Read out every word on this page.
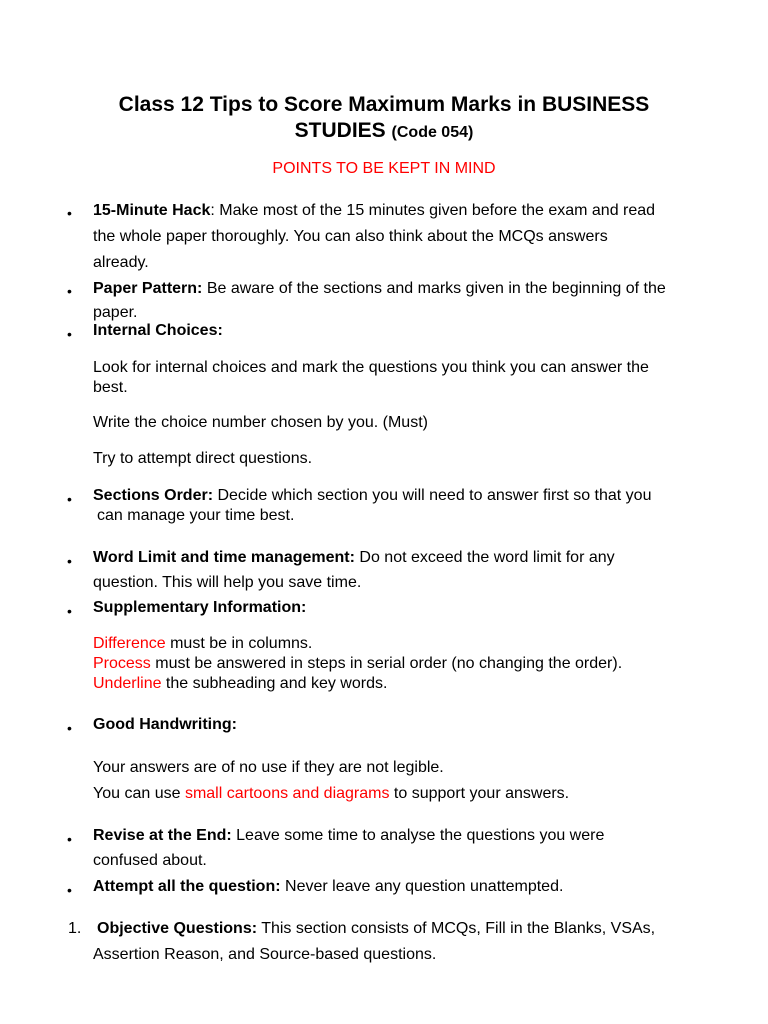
Class 12 Tips to Score Maximum Marks in BUSINESS
STUDIES (Code 054)
POINTS TO BE KEPT IN MIND
• 15-Minute Hack: Make most of the 15 minutes given before the exam and read
the whole paper thoroughly. You can also think about the MCQs answers
already.
• Paper Pattern: Be aware of the sections and marks given in the beginning of the
paper.
• Internal Choices:
Look for internal choices and mark the questions you think you can answer the
best.
Write the choice number chosen by you. (Must)
Try to attempt direct questions.
• Sections Order: Decide which section you will need to answer first so that you
can manage your time best.
• Word Limit and time management: Do not exceed the word limit for any
question. This will help you save time.
• Supplementary Information:
Difference must be in columns.
Process must be answered in steps in serial order (no changing the order).
Underline the subheading and key words.
• Good Handwriting:
Your answers are of no use if they are not legible.
You can use small cartoons and diagrams to support your answers.
• Revise at the End: Leave some time to analyse the questions you were
confused about.
• Attempt all the question: Never leave any question unattempted.
1. Objective Questions: This section consists of MCQs, Fill in the Blanks, VSAs,
Assertion Reason, and Source-based questions.
